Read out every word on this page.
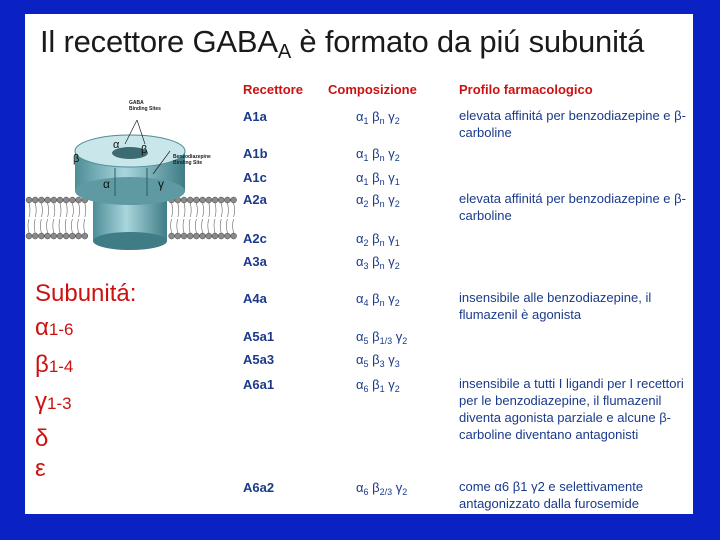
Il recettore $GABA_A$ è formato da piú subunitá
GABA Binding Sites
Benzodiazepine Binding Site
α β
β
α	γ
Recettore Composizione	Profilo farmacologico
A1a	$\alpha_1$ $\beta_n$ $\gamma_2$	elevata affinitá per benzodiazepine e β-carboline
A1b	$\alpha_1$ $\beta_n$ $\gamma_2$
A1c	$\alpha_1$ $\beta_n$ $\gamma_1$
A2a	$\alpha_2$ $\beta_n$ $\gamma_2$	elevata affinitá per benzodiazepine e β-carboline
A2c	$\alpha_2$ $\beta_n$ $\gamma_1$
A3a	$\alpha_3$ $\beta_n$ $\gamma_2$
A4a	$\alpha_4$ $\beta_n$ $\gamma_2$	insensibile alle benzodiazepine, il flumazenil è agonista
A5a1	$\alpha_5$ $\beta_{1/3}$ $\gamma_2$
A5a3	$\alpha_5$ $\beta_3$ $\gamma_3$
A6a1	$\alpha_6$ $\beta_1$ $\gamma_2$	insensibile a tutti I ligandi per I recettori per le benzodiazepine, il flumazenil diventa agonista parziale e alcune β-carboline diventano antagonisti
A6a2	$\alpha_6$ $\beta_{2/3}$ $\gamma_2$	come α6 β1 γ2 e selettivamente antagonizzato dalla furosemide
Subunitá:
α1-6
β1-4
γ1-3
δ
ε
